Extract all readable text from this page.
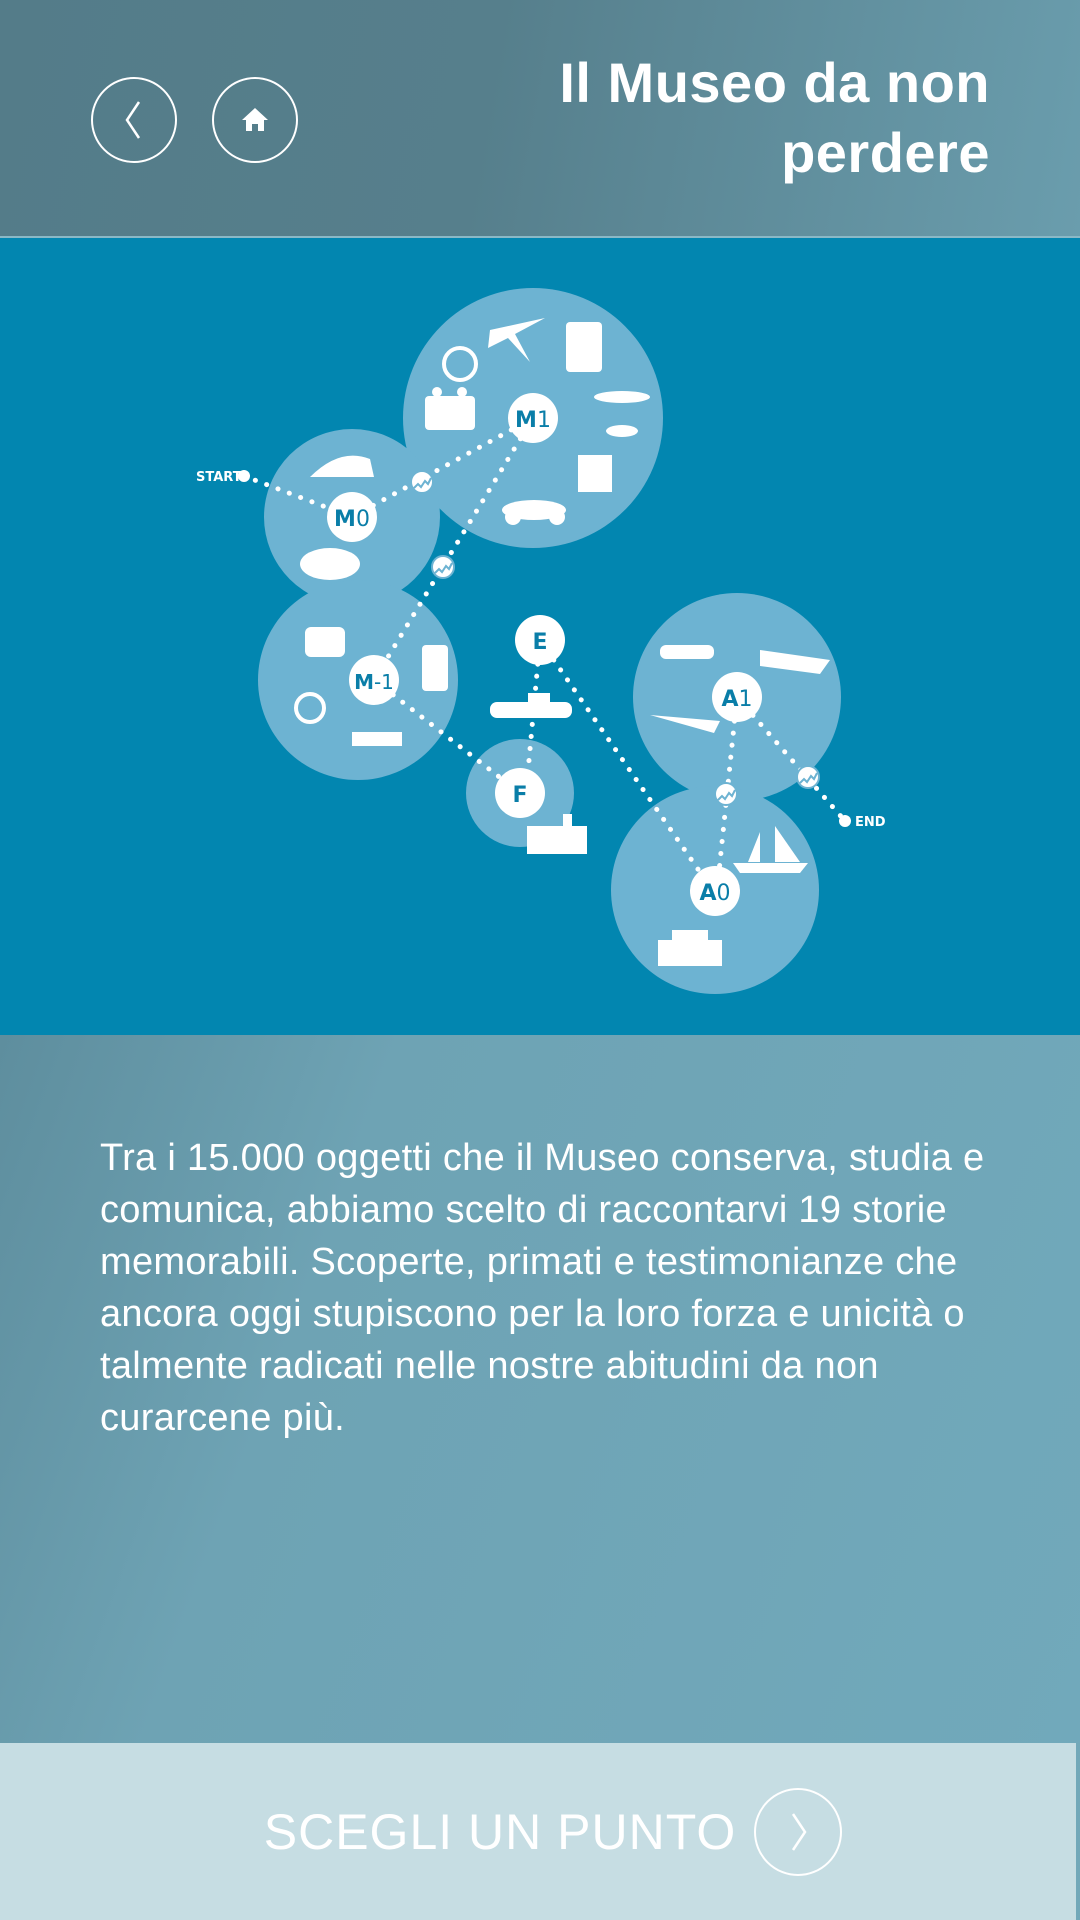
Il Museo da non perdere
START
END
M1
M0
M-1
E
F
A1
A0

Tra i 15.000 oggetti che il Museo conserva, studia e comunica, abbiamo scelto di raccontarvi 19 storie memorabili. Scoperte, primati e testimonianze che ancora oggi stupiscono per la loro forza e unicità o talmente radicati nelle nostre abitudini da non curarcene più.

SCEGLI UN PUNTO
